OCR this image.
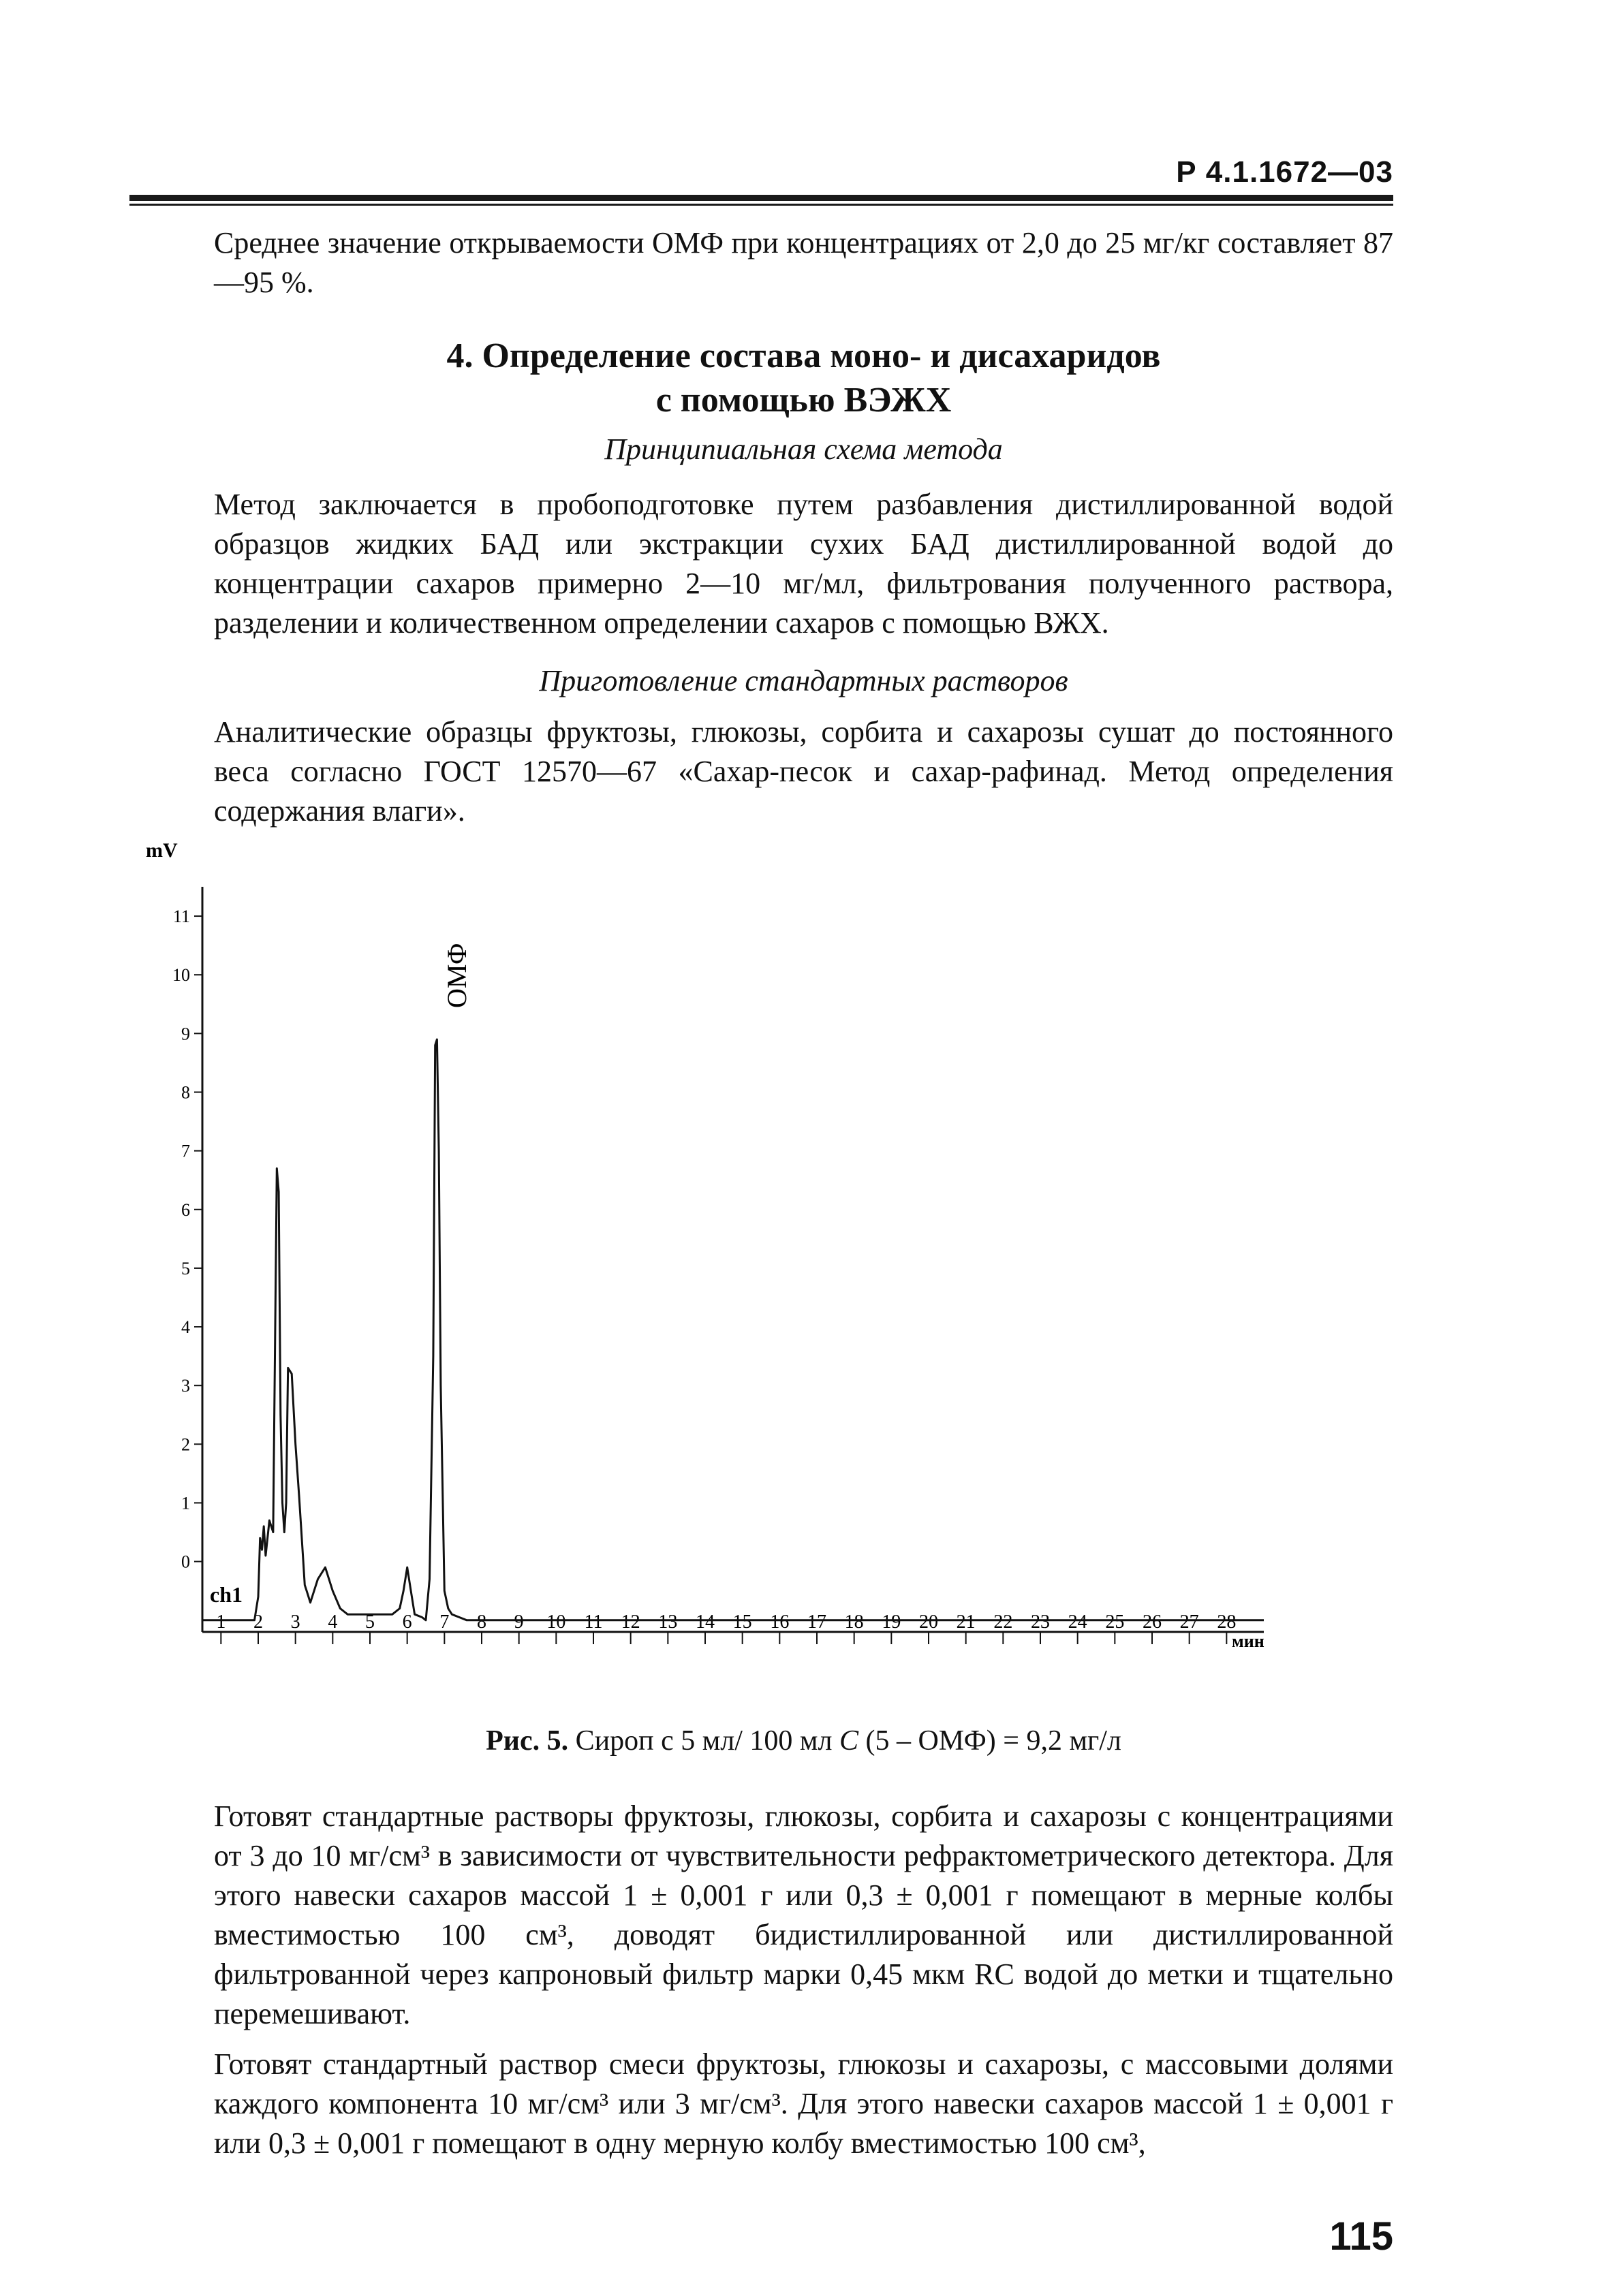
Р 4.1.1672—03
Среднее значение открываемости ОМФ при концентрациях от 2,0 до 25 мг/кг составляет 87—95 %.
4. Определение состава моно- и дисахаридов
с помощью ВЭЖХ
Принципиальная схема метода
Метод заключается в пробоподготовке путем разбавления дистиллированной водой образцов жидких БАД или экстракции сухих БАД дистиллированной водой до концентрации сахаров примерно 2—10 мг/мл, фильтрования полученного раствора, разделении и количественном определении сахаров с помощью ВЖХ.
Приготовление стандартных растворов
Аналитические образцы фруктозы, глюкозы, сорбита и сахарозы сушат до постоянного веса согласно ГОСТ 12570—67 «Сахар-песок и сахар-рафинад. Метод определения содержания влаги».
mV
0
1
2
3
4
5
6
7
8
9
10
11
1 2 3 4 5 6 7 8 9 10 11 12 13 14 15 16 17 18 19 20 21 22 23 24 25 26 27 28
ch1
ОМФ
мин
Рис. 5. Сироп с 5 мл/ 100 мл C (5 – ОМФ) = 9,2 мг/л
Готовят стандартные растворы фруктозы, глюкозы, сорбита и сахарозы с концентрациями от 3 до 10 мг/см³ в зависимости от чувствительности рефрактометрического детектора. Для этого навески сахаров массой 1 ± 0,001 г или 0,3 ± 0,001 г помещают в мерные колбы вместимостью 100 см³, доводят бидистиллированной или дистиллированной фильтрованной через капроновый фильтр марки 0,45 мкм RC водой до метки и тщательно перемешивают.
Готовят стандартный раствор смеси фруктозы, глюкозы и сахарозы, с массовыми долями каждого компонента 10 мг/см³ или 3 мг/см³. Для этого навески сахаров массой 1 ± 0,001 г или 0,3 ± 0,001 г помещают в одну мерную колбу вместимостью 100 см³,
115
